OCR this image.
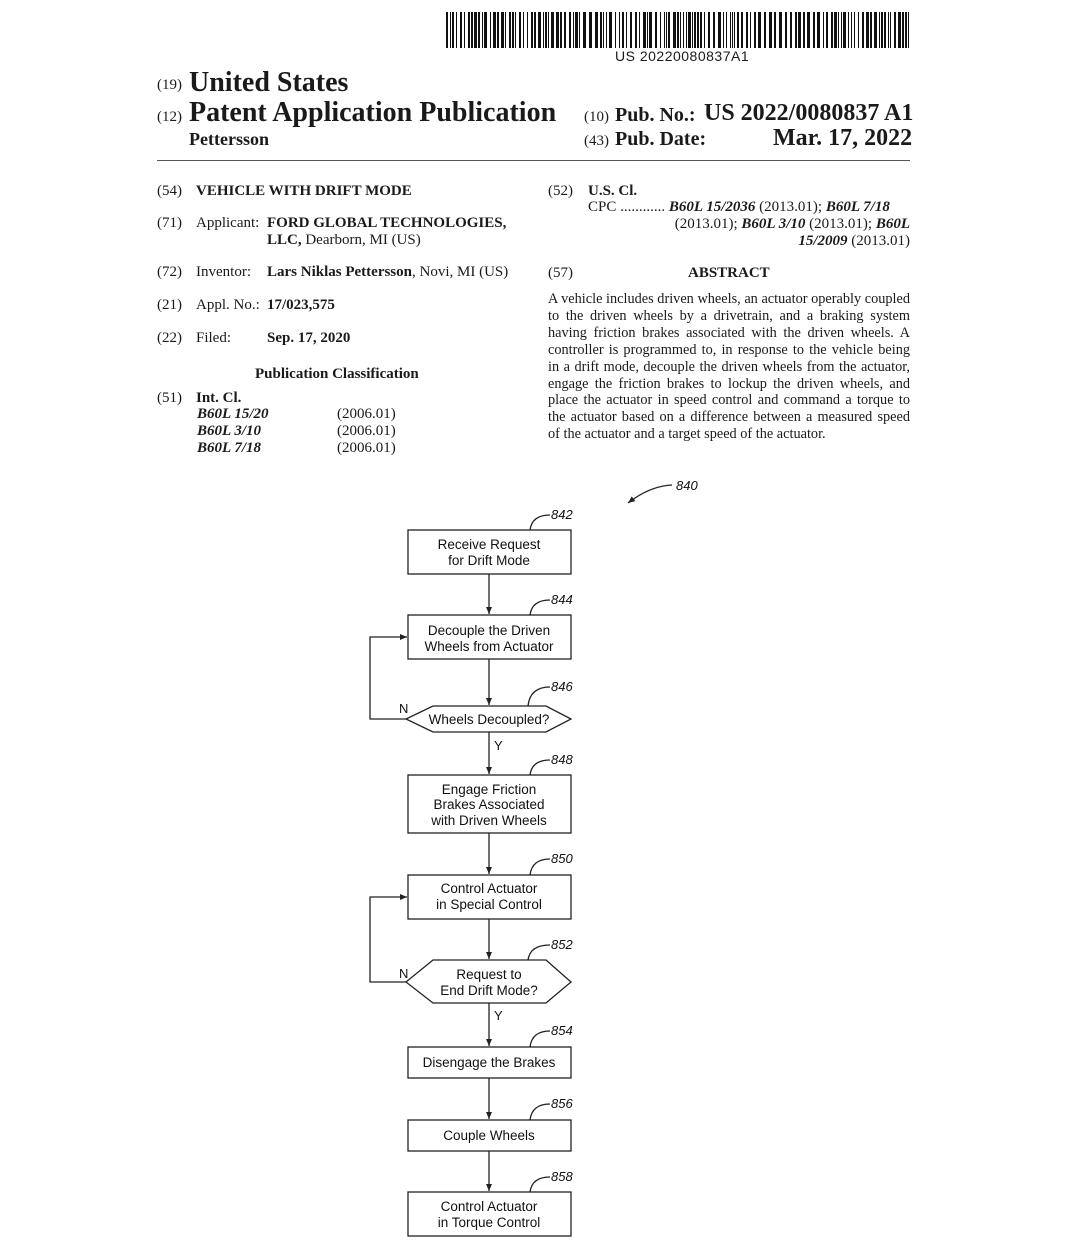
US 20220080837A1
(19) United States
(12) Patent Application Publication
Pettersson
(10) Pub. No.: US 2022/0080837 A1
(43) Pub. Date:	Mar. 17, 2022
(54) VEHICLE WITH DRIFT MODE
(71) Applicant: FORD GLOBAL TECHNOLOGIES,
LLC, Dearborn, MI (US)
(72) Inventor: Lars Niklas Pettersson, Novi, MI (US)
(21) Appl. No.: 17/023,575
(22) Filed: Sep. 17, 2020
Publication Classification
(51) Int. Cl.
B60L 15/20	(2006.01)
B60L 3/10	(2006.01)
B60L 7/18	(2006.01)
(52) U.S. Cl.
CPC ............ B60L 15/2036 (2013.01); B60L 7/18
(2013.01); B60L 3/10 (2013.01); B60L
15/2009 (2013.01)
(57)	ABSTRACT
A vehicle includes driven wheels, an actuator operably coupled to the driven wheels by a drivetrain, and a braking system having friction brakes associated with the driven wheels. A controller is programmed to, in response to the vehicle being in a drift mode, decouple the driven wheels from the actuator, engage the friction brakes to lockup the driven wheels, and place the actuator in speed control and command a torque to the actuator based on a difference between a measured speed of the actuator and a target speed of the actuator.
Receive Request
for Drift Mode
Decouple the Driven
Wheels from Actuator
Wheels Decoupled?
Engage Friction
Brakes Associated
with Driven Wheels
Control Actuator
in Special Control
Request to
End Drift Mode?
Disengage the Brakes
Couple Wheels
Control Actuator
in Torque Control
840
842
844
846
848
850
852
854
856
858
N
Y
N
Y
